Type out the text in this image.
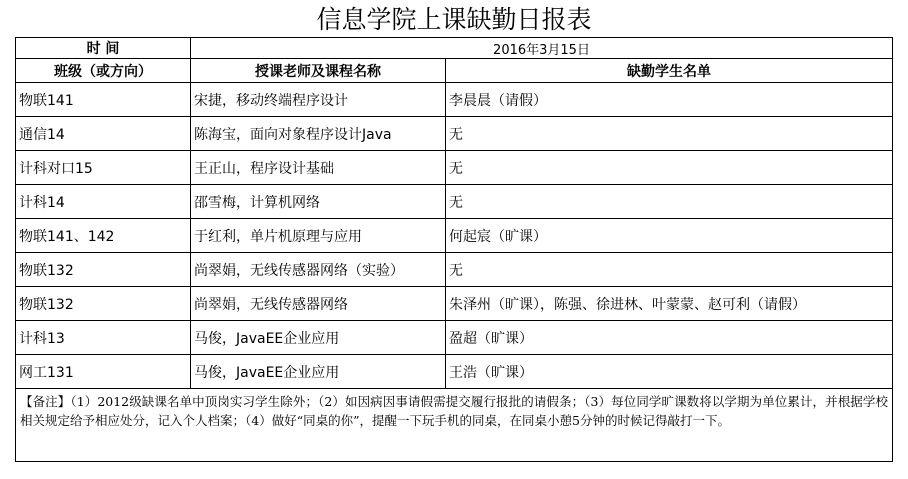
信息学院上课缺勤日报表
时 间	2016年3月15日	
班级（或方向）	授课老师及课程名称	缺勤学生名单
物联141	宋捷，移动终端程序设计	李晨晨（请假）
通信14	陈海宝，面向对象程序设计Java	无
计科对口15	王正山，程序设计基础	无
计科14	邵雪梅，计算机网络	无
物联141、142	于红利，单片机原理与应用	何起宸（旷课）
物联132	尚翠娟，无线传感器网络（实验）	无
物联132	尚翠娟，无线传感器网络	朱泽州（旷课），陈强、徐进林、叶蒙蒙、赵可利（请假）
计科13	马俊，JavaEE企业应用	盈超（旷课）
网工131	马俊，JavaEE企业应用	王浩（旷课）
【备注】（1）2012级缺课名单中顶岗实习学生除外；（2）如因病因事请假需提交履行报批的请假条；（3）每位同学旷课数将以学期为单位累计，并根据学校相关规定给予相应处分，记入个人档案；（4）做好“同桌的你”，提醒一下玩手机的同桌，在同桌小憩5分钟的时候记得敲打一下。		
